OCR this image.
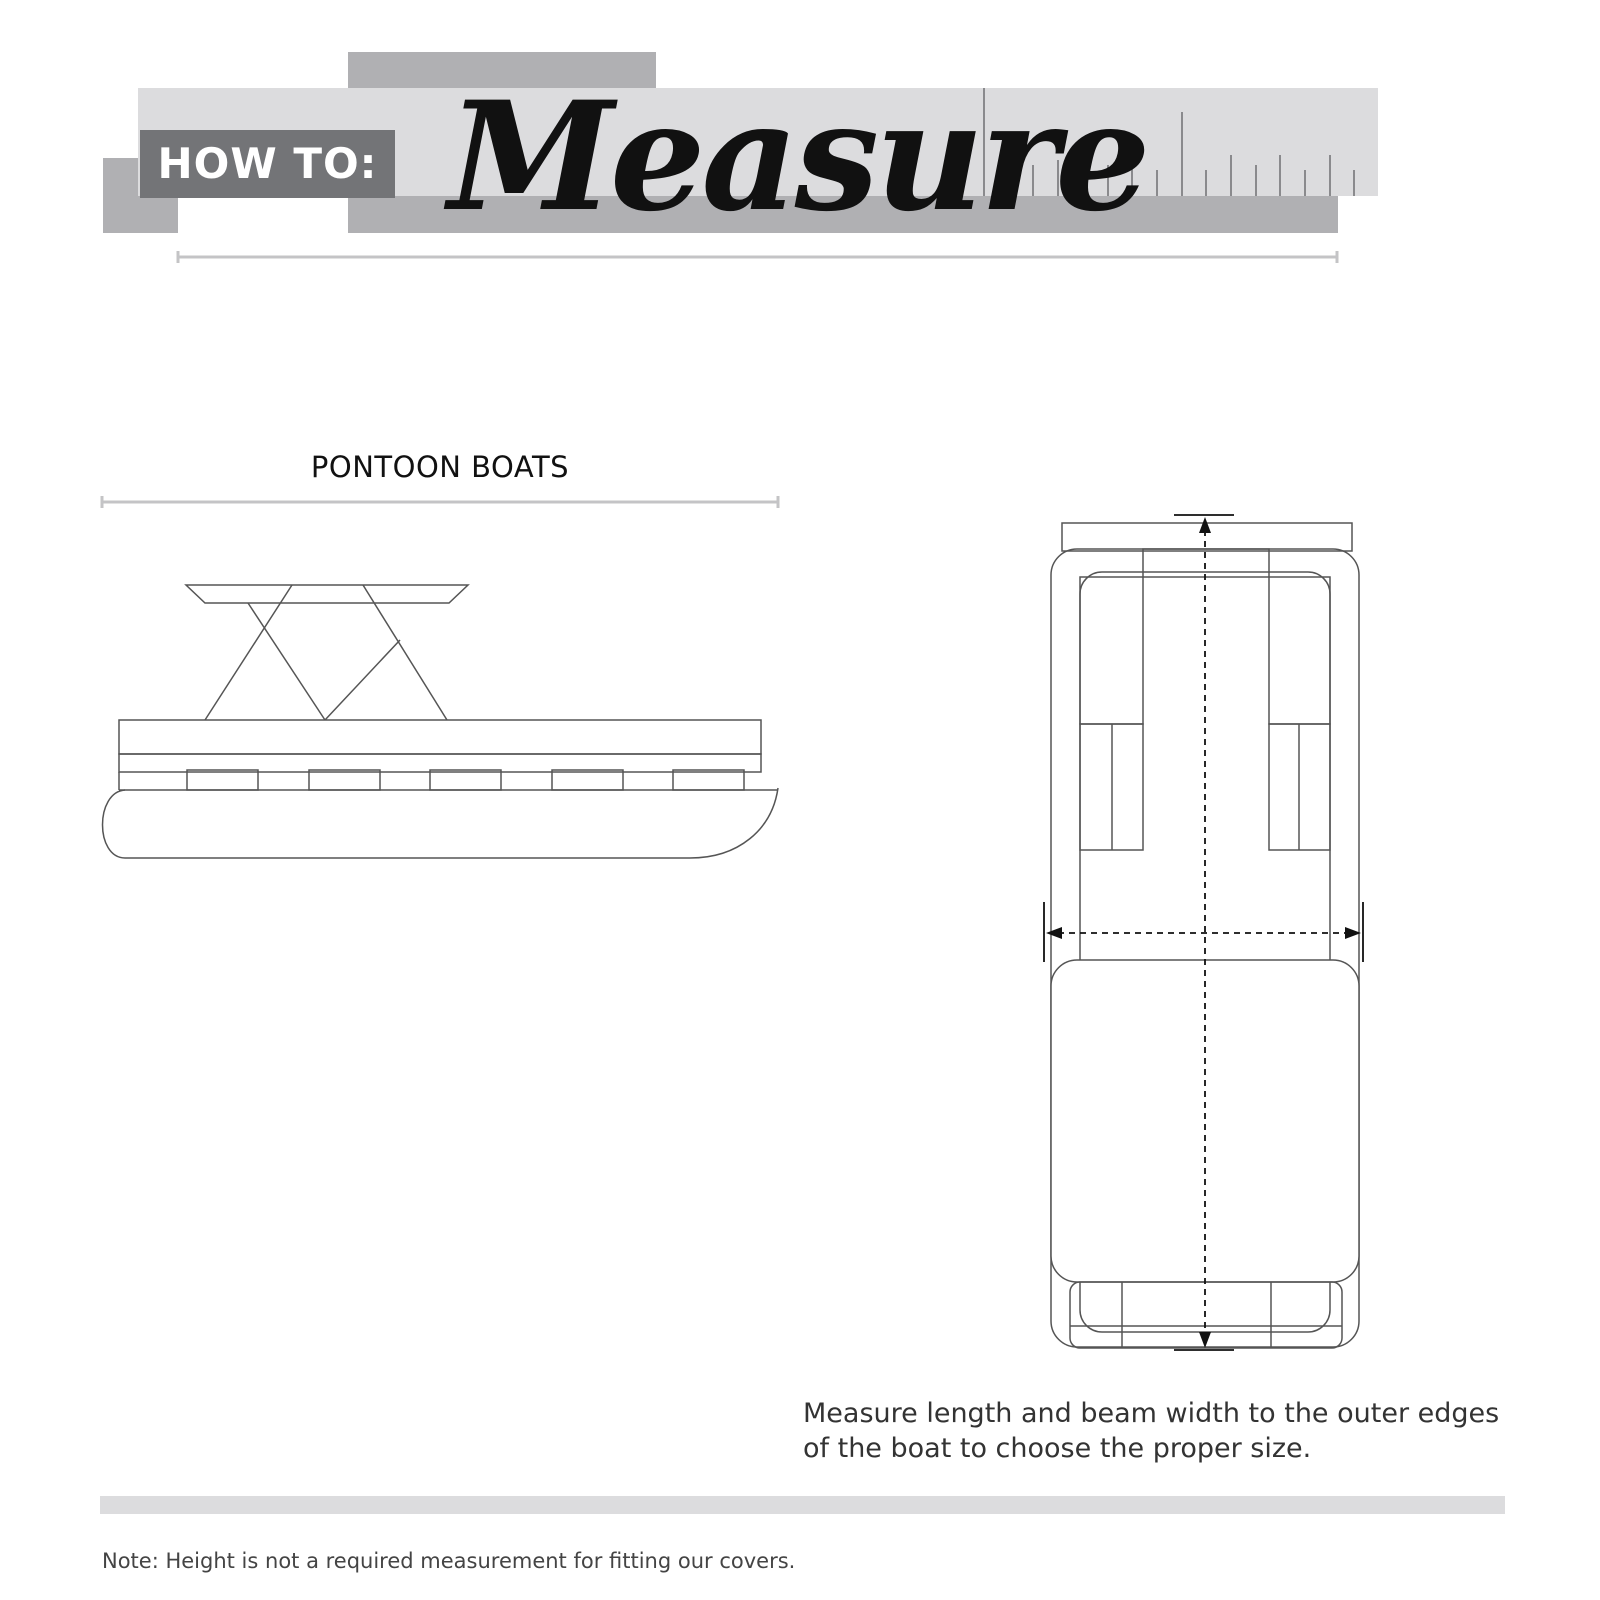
HOW TO: Measure
PONTOON BOATS
Measure length and beam width to the outer edges of the boat to choose the proper size.
Note: Height is not a required measurement for fitting our covers.
